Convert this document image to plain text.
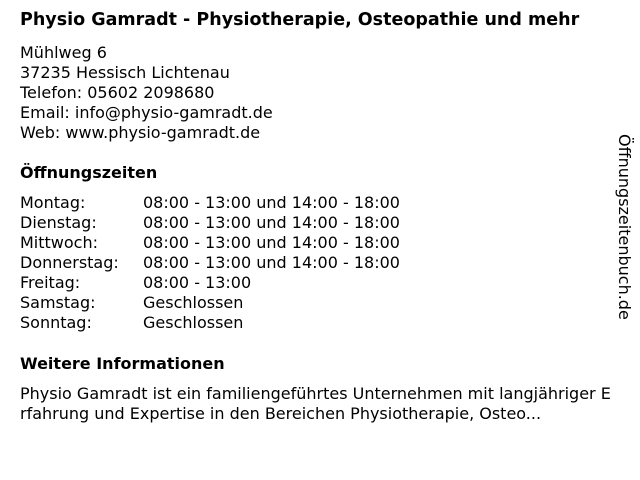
Physio Gamradt - Physiotherapie, Osteopathie und mehr
Mühlweg 6
37235 Hessisch Lichtenau
Telefon: 05602 2098680
Email: info@physio-gamradt.de
Web: www.physio-gamradt.de
Öffnungszeiten
Montag:	08:00 - 13:00 und 14:00 - 18:00
Dienstag:	08:00 - 13:00 und 14:00 - 18:00
Mittwoch:	08:00 - 13:00 und 14:00 - 18:00
Donnerstag:	08:00 - 13:00 und 14:00 - 18:00
Freitag:	08:00 - 13:00
Samstag:	Geschlossen
Sonntag:	Geschlossen
Weitere Informationen
Physio Gamradt ist ein familiengeführtes Unternehmen mit langjähriger Erfahrung und Expertise in den Bereichen Physiotherapie, Osteo...
Öffnungszeitenbuch.de
